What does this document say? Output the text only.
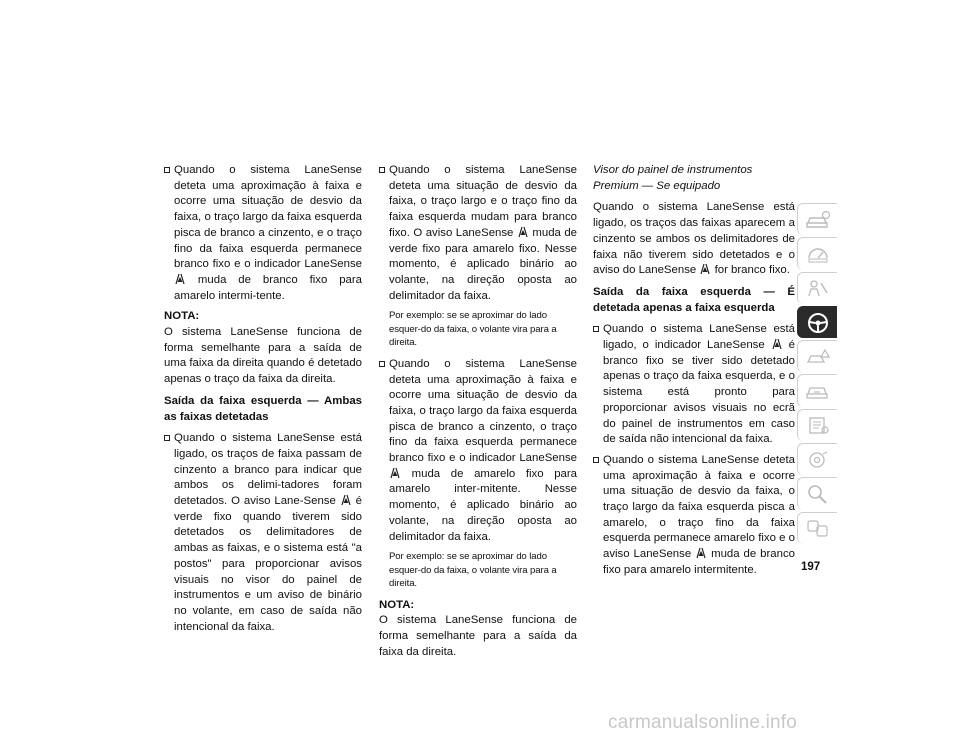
Quando o sistema LaneSense deteta uma aproximação à faixa e ocorre uma situação de desvio da faixa, o traço largo da faixa esquerda pisca de branco a cinzento, e o traço fino da faixa esquerda permanece branco fixo e o indicador LaneSense  muda de branco fixo para amarelo intermi-tente.
NOTA:

O sistema LaneSense funciona de forma semelhante para a saída de uma faixa da direita quando é detetado apenas o traço da faixa da direita.

Saída da faixa esquerda — Ambas as faixas detetadas

Quando o sistema LaneSense está ligado, os traços de faixa passam de cinzento a branco para indicar que ambos os delimi-tadores foram detetados. O aviso Lane-Sense é verde fixo quando tiverem sido detetados os delimitadores de ambas as faixas, e o sistema está "a postos" para proporcionar avisos visuais no visor do painel de instrumentos e um aviso de binário no volante, em caso de saída não intencional da faixa.
Quando o sistema LaneSense deteta uma situação de desvio da faixa, o traço largo e o traço fino da faixa esquerda mudam para branco fixo. O aviso LaneSense muda de verde fixo para amarelo fixo. Nesse momento, é aplicado binário ao volante, na direção oposta ao delimitador da faixa.
Por exemplo: se se aproximar do lado esquer-do da faixa, o volante vira para a direita.
Quando o sistema LaneSense deteta uma aproximação à faixa e ocorre uma situação de desvio da faixa, o traço largo da faixa esquerda pisca de branco a cinzento, o traço fino da faixa esquerda permanece branco fixo e o indicador LaneSense  muda de amarelo fixo para amarelo inter-mitente. Nesse momento, é aplicado binário ao volante, na direção oposta ao delimitador da faixa.
Por exemplo: se se aproximar do lado esquer-do da faixa, o volante vira para a direita.
NOTA:

O sistema LaneSense funciona de forma semelhante para a saída da faixa da direita.

Visor do painel de instrumentos Premium — Se equipado

Quando o sistema LaneSense está ligado, os traços das faixas aparecem a cinzento se ambos os delimitadores de faixa não tiverem sido detetados e o aviso do LaneSense for branco fixo.

Saída da faixa esquerda — É detetada apenas a faixa esquerda

Quando o sistema LaneSense está ligado, o indicador LaneSense é branco fixo se tiver sido detetado apenas o traço da faixa esquerda, e o sistema está pronto para proporcionar avisos visuais no ecrã do painel de instrumentos em caso de saída não intencional da faixa.
Quando o sistema LaneSense deteta uma aproximação à faixa e ocorre uma situação de desvio da faixa, o traço largo da faixa esquerda pisca a amarelo, o traço fino da faixa esquerda permanece amarelo fixo e o aviso LaneSense muda de branco fixo para amarelo intermitente.	197
carmanualsonline.info
